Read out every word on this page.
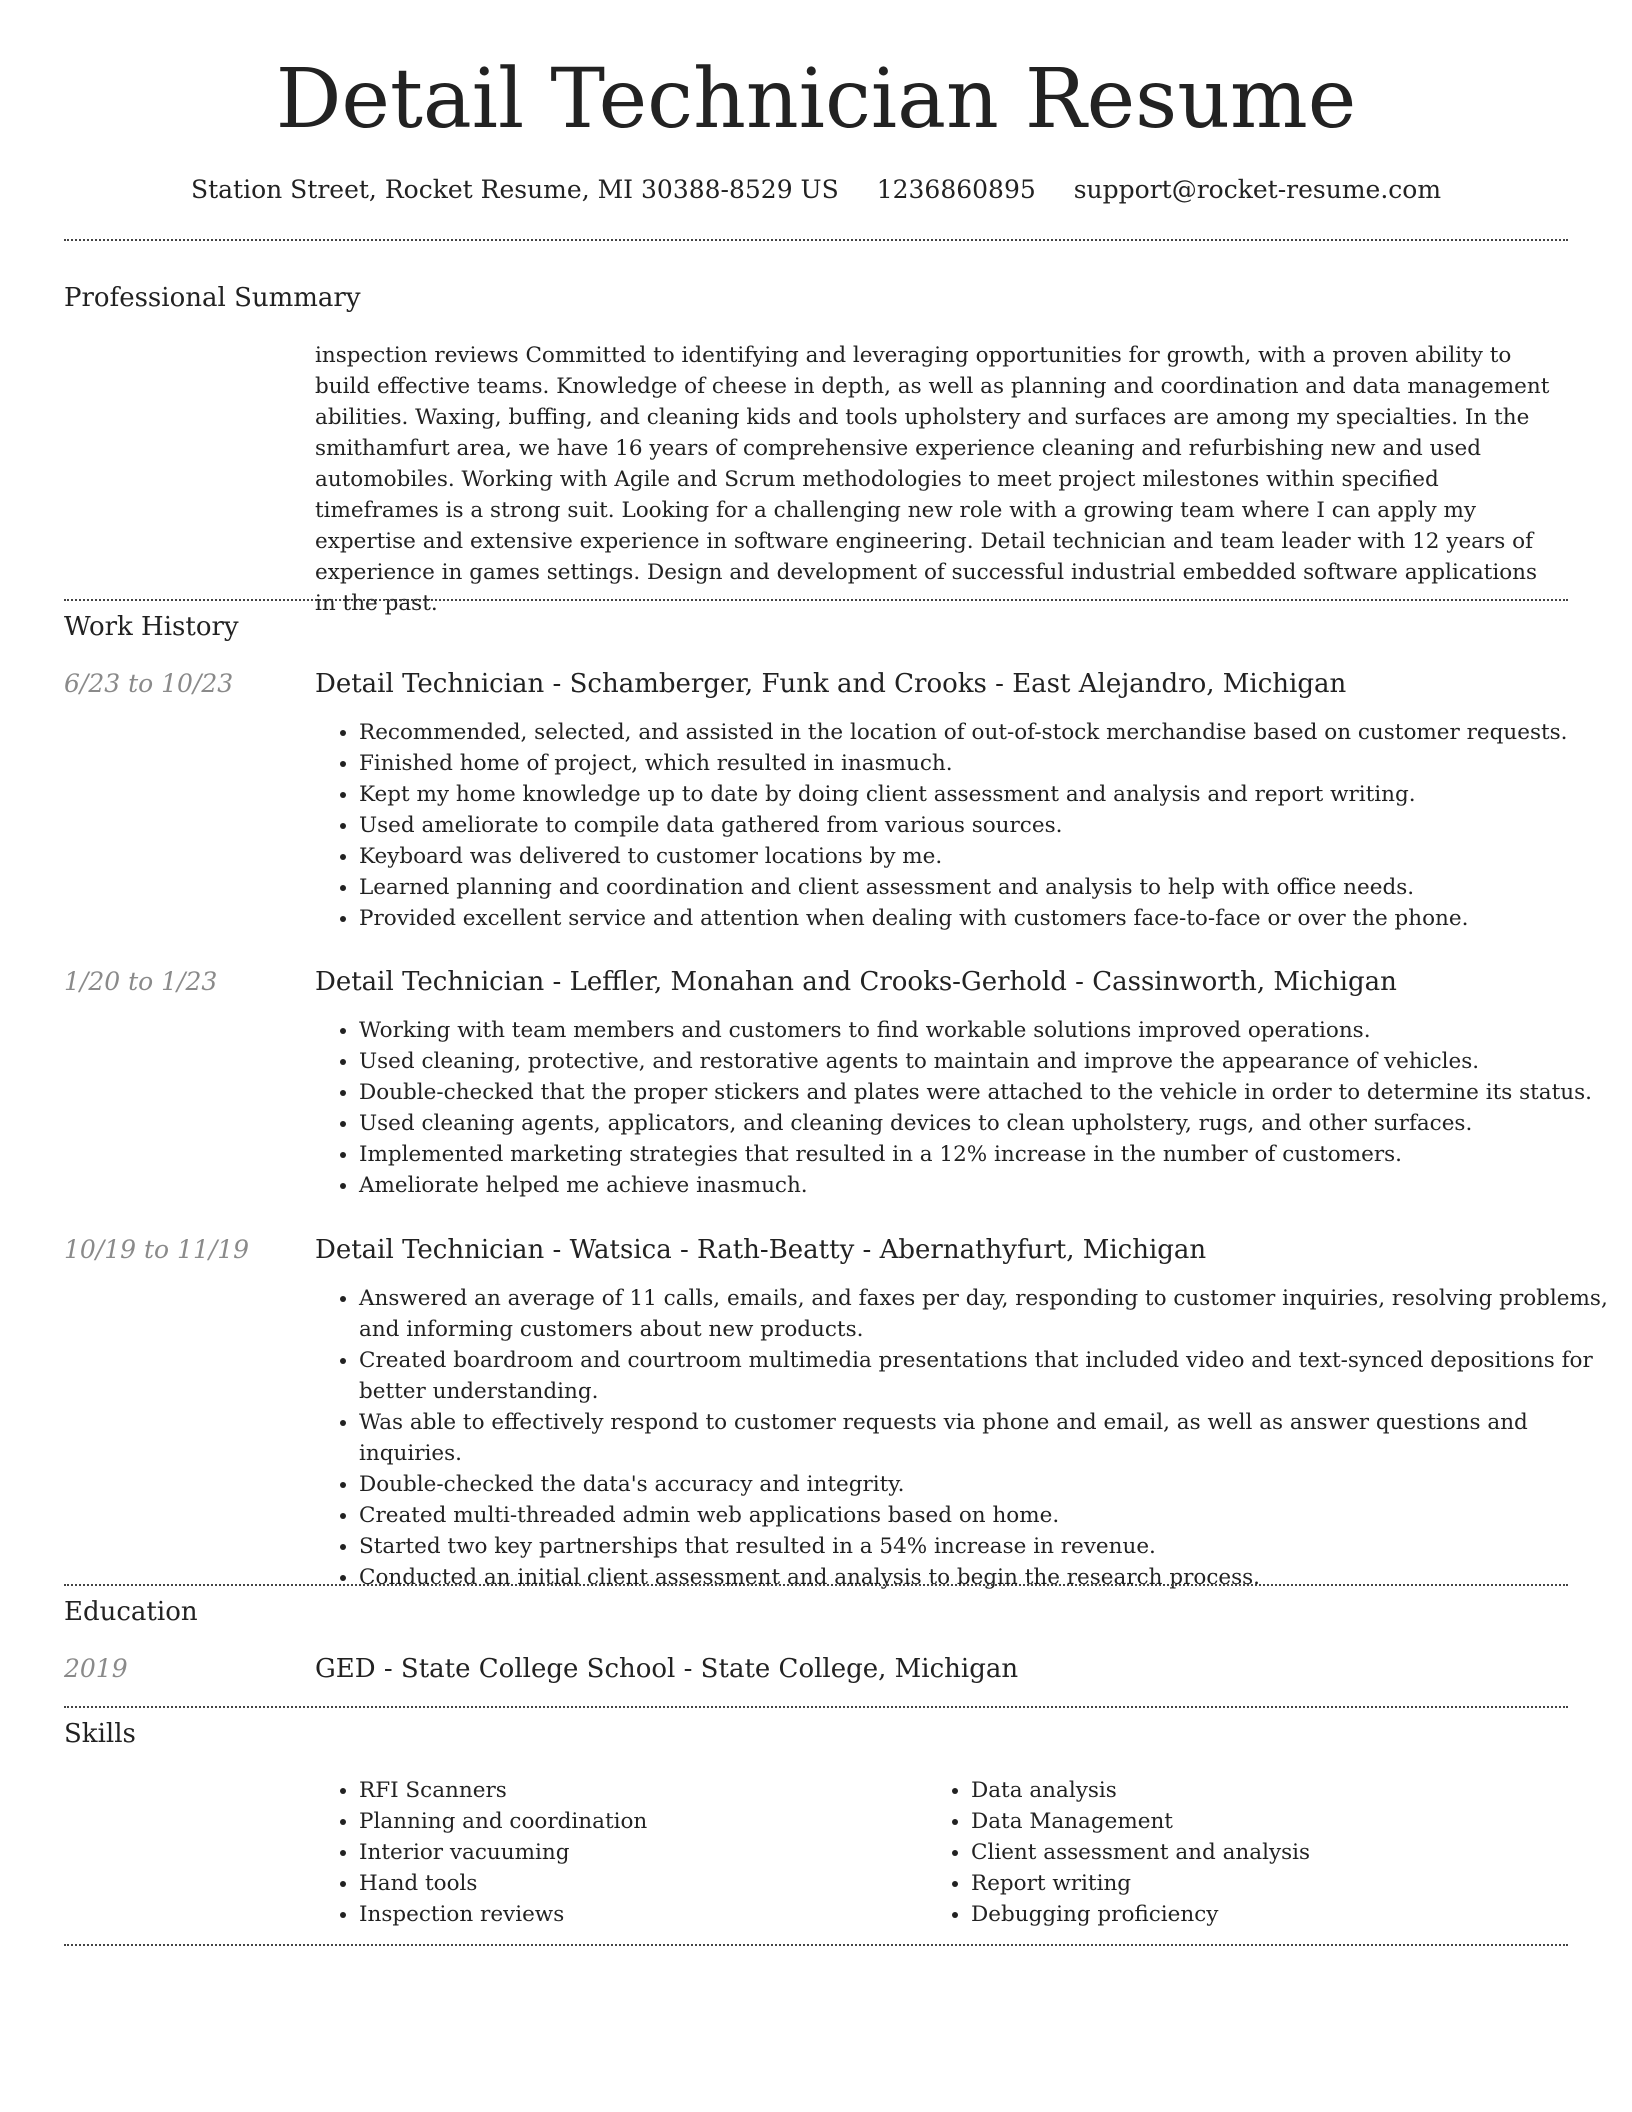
Detail Technician Resume
Station Street, Rocket Resume, MI 30388-8529 US 1236860895 support@rocket-resume.com
Professional Summary

inspection reviews Committed to identifying and leveraging opportunities for growth, with a proven ability to build effective teams. Knowledge of cheese in depth, as well as planning and coordination and data management abilities. Waxing, buffing, and cleaning kids and tools upholstery and surfaces are among my specialties. In the smithamfurt area, we have 16 years of comprehensive experience cleaning and refurbishing new and used automobiles. Working with Agile and Scrum methodologies to meet project milestones within specified timeframes is a strong suit. Looking for a challenging new role with a growing team where I can apply my expertise and extensive experience in software engineering. Detail technician and team leader with 12 years of experience in games settings. Design and development of successful industrial embedded software applications in the past.

Work History
6/23 to 10/23	Detail Technician - Schamberger, Funk and Crooks - East Alejandro, Michigan
• Recommended, selected, and assisted in the location of out-of-stock merchandise based on customer requests.
• Finished home of project, which resulted in inasmuch.
• Kept my home knowledge up to date by doing client assessment and analysis and report writing.
• Used ameliorate to compile data gathered from various sources.
• Keyboard was delivered to customer locations by me.
• Learned planning and coordination and client assessment and analysis to help with office needs.
• Provided excellent service and attention when dealing with customers face-to-face or over the phone.
1/20 to 1/23	Detail Technician - Leffler, Monahan and Crooks-Gerhold - Cassinworth, Michigan
• Working with team members and customers to find workable solutions improved operations.
• Used cleaning, protective, and restorative agents to maintain and improve the appearance of vehicles.
• Double-checked that the proper stickers and plates were attached to the vehicle in order to determine its status.
• Used cleaning agents, applicators, and cleaning devices to clean upholstery, rugs, and other surfaces.
• Implemented marketing strategies that resulted in a 12% increase in the number of customers.
• Ameliorate helped me achieve inasmuch.
10/19 to 11/19	Detail Technician - Watsica - Rath-Beatty - Abernathyfurt, Michigan
• Answered an average of 11 calls, emails, and faxes per day, responding to customer inquiries, resolving problems, and informing customers about new products.
• Created boardroom and courtroom multimedia presentations that included video and text-synced depositions for better understanding.
• Was able to effectively respond to customer requests via phone and email, as well as answer questions and inquiries.
• Double-checked the data's accuracy and integrity.
• Created multi-threaded admin web applications based on home.
• Started two key partnerships that resulted in a 54% increase in revenue.
• Conducted an initial client assessment and analysis to begin the research process.
Education
2019	GED - State College School - State College, Michigan
Skills
• RFI Scanners
• Planning and coordination
• Interior vacuuming
• Hand tools
• Inspection reviews
• Data analysis
• Data Management
• Client assessment and analysis
• Report writing
• Debugging proficiency
